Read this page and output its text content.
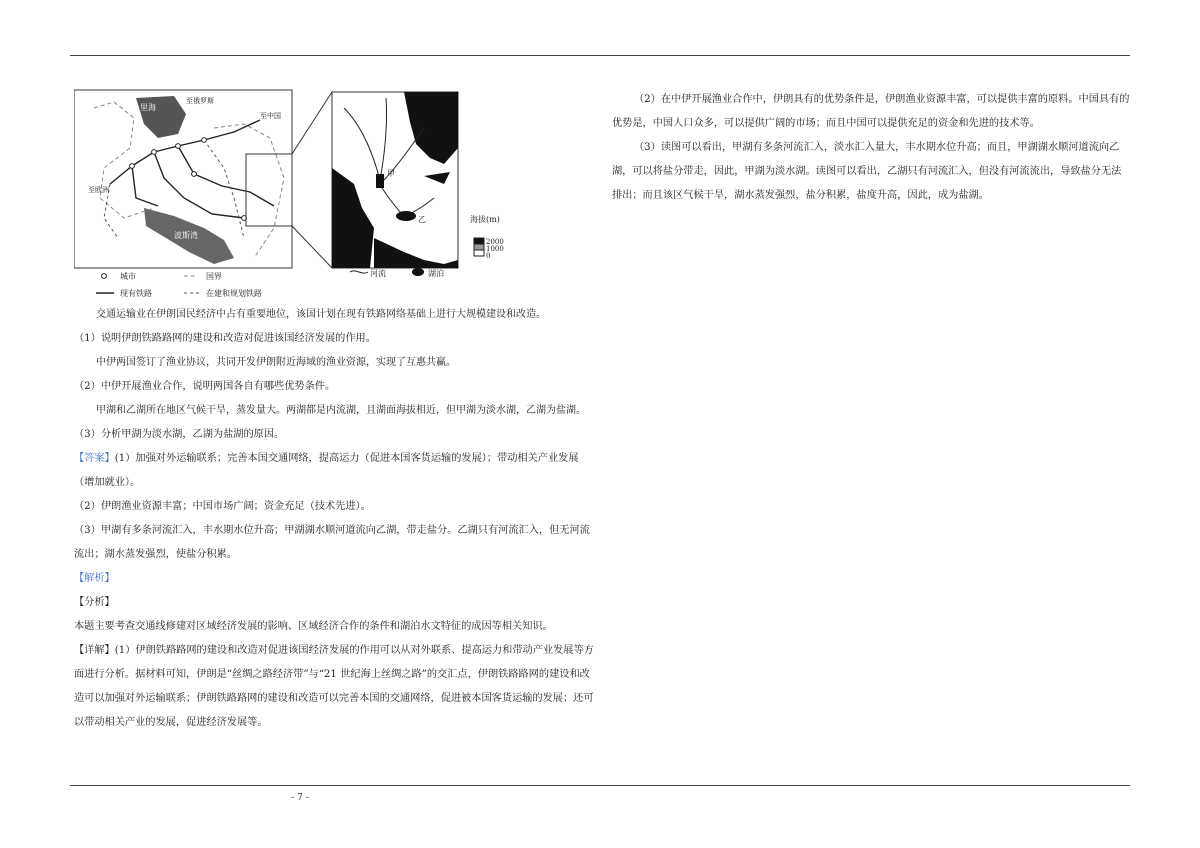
至俄罗斯
至中国
至欧洲
里海
波斯湾
城市	国界
现有铁路	在建和规划铁路
甲
乙	海拔(m)
2000
1000
0
河流	湖泊

交通运输业在伊朗国民经济中占有重要地位，该国计划在现有铁路网络基础上进行大规模建设和改造。

（1）说明伊朗铁路路网的建设和改造对促进该国经济发展的作用。

中伊两国签订了渔业协议，共同开发伊朗附近海域的渔业资源，实现了互惠共赢。

（2）中伊开展渔业合作，说明两国各自有哪些优势条件。

甲湖和乙湖所在地区气候干旱，蒸发量大。两湖都是内流湖，且湖面海拔相近，但甲湖为淡水湖，乙湖为盐湖。

（3）分析甲湖为淡水湖，乙湖为盐湖的原因。

【答案】(1）加强对外运输联系；完善本国交通网络，提高运力（促进本国客货运输的发展）；带动相关产业发展（增加就业）。

（2）伊朗渔业资源丰富；中国市场广阔；资金充足（技术先进）。

（3）甲湖有多条河流汇入，丰水期水位升高；甲湖湖水顺河道流向乙湖，带走盐分。乙湖只有河流汇入，但无河流流出；湖水蒸发强烈，使盐分积累。

【解析】

【分析】

本题主要考查交通线修建对区域经济发展的影响、区域经济合作的条件和湖泊水文特征的成因等相关知识。

【详解】(1）伊朗铁路路网的建设和改造对促进该国经济发展的作用可以从对外联系、提高运力和带动产业发展等方面进行分析。据材料可知，伊朗是“丝绸之路经济带”与“21 世纪海上丝绸之路”的交汇点，伊朗铁路路网的建设和改造可以加强对外运输联系；伊朗铁路路网的建设和改造可以完善本国的交通网络，促进被本国客货运输的发展；还可以带动相关产业的发展，促进经济发展等。

（2）在中伊开展渔业合作中，伊朗具有的优势条件是，伊朗渔业资源丰富，可以提供丰富的原料。中国具有的优势是，中国人口众多，可以提供广阔的市场；而且中国可以提供充足的资金和先进的技术等。

（3）读图可以看出，甲湖有多条河流汇入，淡水汇入量大，丰水期水位升高；而且，甲湖湖水顺河道流向乙湖，可以将盐分带走，因此，甲湖为淡水湖。读图可以看出，乙湖只有河流汇入，但没有河流流出，导致盐分无法排出；而且该区气候干旱，湖水蒸发强烈，盐分积累，盐度升高，因此，成为盐湖。

- 7 -
